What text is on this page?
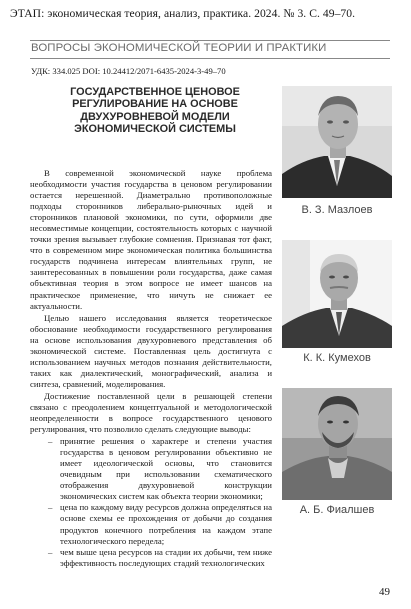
ЭТАП: экономическая теория, анализ, практика. 2024. № 3. С. 49–70.
ВОПРОСЫ ЭКОНОМИЧЕСКОЙ ТЕОРИИ И ПРАКТИКИ
УДК: 334.025 DOI: 10.24412/2071-6435-2024-3-49–70
ГОСУДАРСТВЕННОЕ ЦЕНОВОЕ
РЕГУЛИРОВАНИЕ НА ОСНОВЕ
ДВУХУРОВНЕВОЙ МОДЕЛИ
ЭКОНОМИЧЕСКОЙ СИСТЕМЫ

В современной экономической науке проблема необходимости участия государства в ценовом регулировании остается нерешенной. Диаметрально противоположные подходы сторонников либерально-рыночных идей и сторонников плановой экономики, по сути, оформили две несовместимые концепции, состоятельность которых с научной точки зрения вызывает глубокие сомнения. Признавая тот факт, что в современном мире экономическая политика большинства государств подчинена интересам влиятельных групп, не заинтересованных в повышении роли государства, даже самая объективная теория в этом вопросе не имеет шансов на практическое применение, что ничуть не снижает ее актуальности.

Целью нашего исследования является теоретическое обоснование необходимости государственного регулирования на основе использования двухуровневого представления об экономической системе. Поставленная цель достигнута с использованием научных методов познания действительности, таких как диалектический, монографический, анализа и синтеза, сравнений, моделирования.

Достижение поставленной цели в решающей степени связано с преодолением концептуальной и методологической неопределенности в вопросе государственного ценового регулирования, что позволило сделать следующие выводы:

– принятие решения о характере и степени участия государства в ценовом регулировании объективно не имеет идеологической основы, что становится очевидным при использовании схематического отображения двухуровневой конструкции экономических систем как объекта теории экономики;
– цена по каждому виду ресурсов должна определяться на основе схемы ее прохождения от добычи до создания продуктов конечного потребления на каждом этапе технологического передела;
– чем выше цена ресурсов на стадии их добычи, тем ниже эффективность последующих стадий технологических
В. З. Мазлоев
К. К. Кумехов
А. Б. Фиалшев
49
